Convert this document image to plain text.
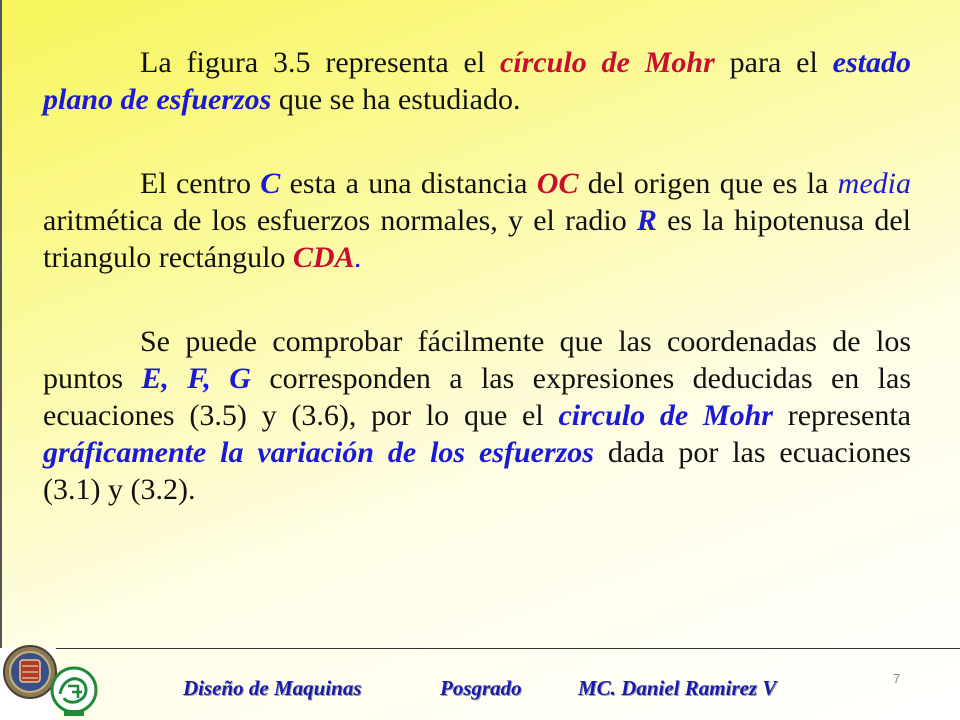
La figura 3.5 representa el círculo de Mohr para el estado plano de esfuerzos que se ha estudiado.

El centro C esta a una distancia OC del origen que es la media aritmética de los esfuerzos normales, y el radio R es la hipotenusa del triangulo rectángulo CDA.

Se puede comprobar fácilmente que las coordenadas de los puntos E, F, G corresponden a las expresiones deducidas en las ecuaciones (3.5) y (3.6), por lo que el circulo de Mohr representa gráficamente la variación de los esfuerzos dada por las ecuaciones (3.1) y (3.2).

Diseño de Maquinas	Posgrado	MC. Daniel Ramirez V	7
